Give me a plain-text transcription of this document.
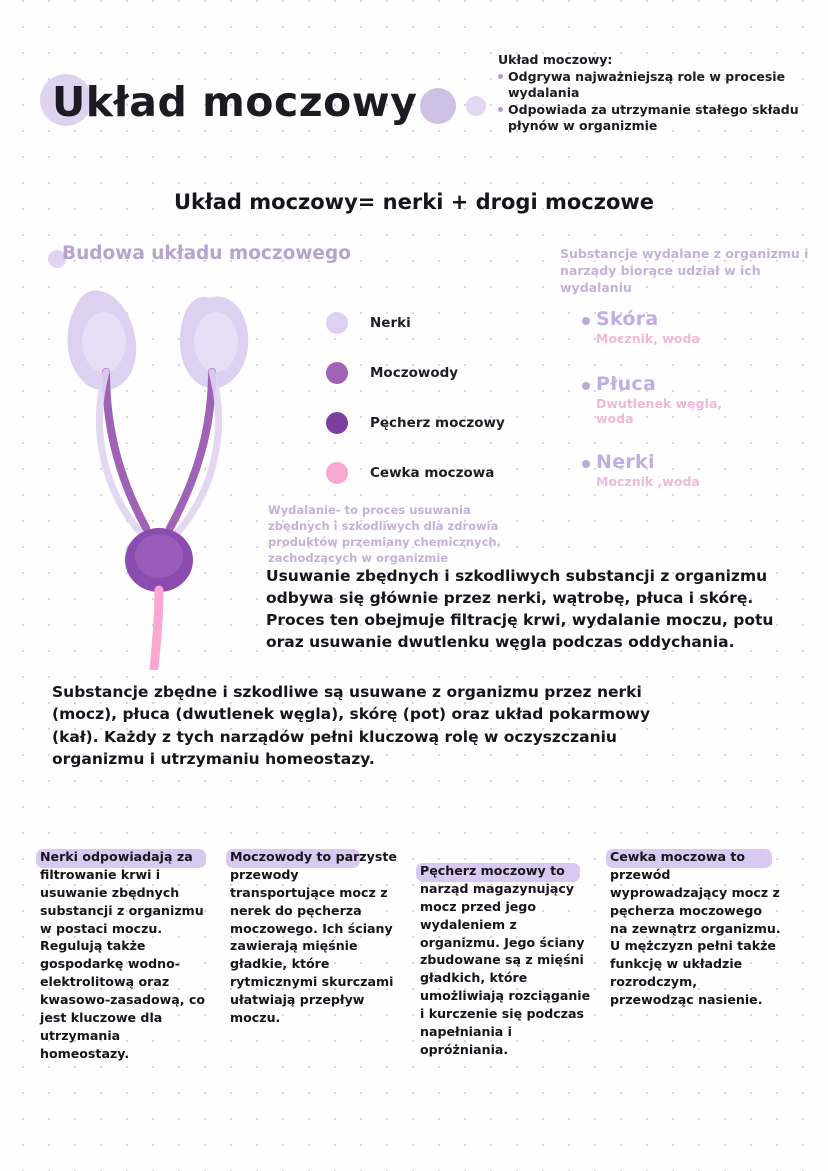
Układ moczowy
Układ moczowy:
Odgrywa najważniejszą role w procesie wydalania
Odpowiada za utrzymanie stałego składu płynów w organizmie
Układ moczowy= nerki + drogi moczowe
Budowa układu moczowego	Substancje wydalane z organizmu i narządy biorące udział w ich wydalaniu
Nerki
Moczowody
Pęcherz moczowy
Cewka moczowa
Skóra
Mocznik, woda
Płuca
Dwutlenek węgla, woda
Nerki
Mocznik ,woda
Wydalanie- to proces usuwania zbędnych i szkodliwych dla zdrowia produktów przemiany chemicznych, zachodzących w organizmie
Usuwanie zbędnych i szkodliwych substancji z organizmu odbywa się głównie przez nerki, wątrobę, płuca i skórę. Proces ten obejmuje filtrację krwi, wydalanie moczu, potu oraz usuwanie dwutlenku węgla podczas oddychania.
Substancje zbędne i szkodliwe są usuwane z organizmu przez nerki (mocz), płuca (dwutlenek węgla), skórę (pot) oraz układ pokarmowy (kał). Każdy z tych narządów pełni kluczową rolę w oczyszczaniu organizmu i utrzymaniu homeostazy.
Nerki odpowiadają za filtrowanie krwi i usuwanie zbędnych substancji z organizmu w postaci moczu. Regulują także gospodarkę wodno-elektrolitową oraz kwasowo-zasadową, co jest kluczowe dla utrzymania homeostazy.
Moczowody to parzyste przewody transportujące mocz z nerek do pęcherza moczowego. Ich ściany zawierają mięśnie gładkie, które rytmicznymi skurczami ułatwiają przepływ moczu.
Pęcherz moczowy to narząd magazynujący mocz przed jego wydaleniem z organizmu. Jego ściany zbudowane są z mięśni gładkich, które umożliwiają rozciąganie i kurczenie się podczas napełniania i opróżniania.
Cewka moczowa to przewód wyprowadzający mocz z pęcherza moczowego na zewnątrz organizmu. U mężczyzn pełni także funkcję w układzie rozrodczym, przewodząc nasienie.
